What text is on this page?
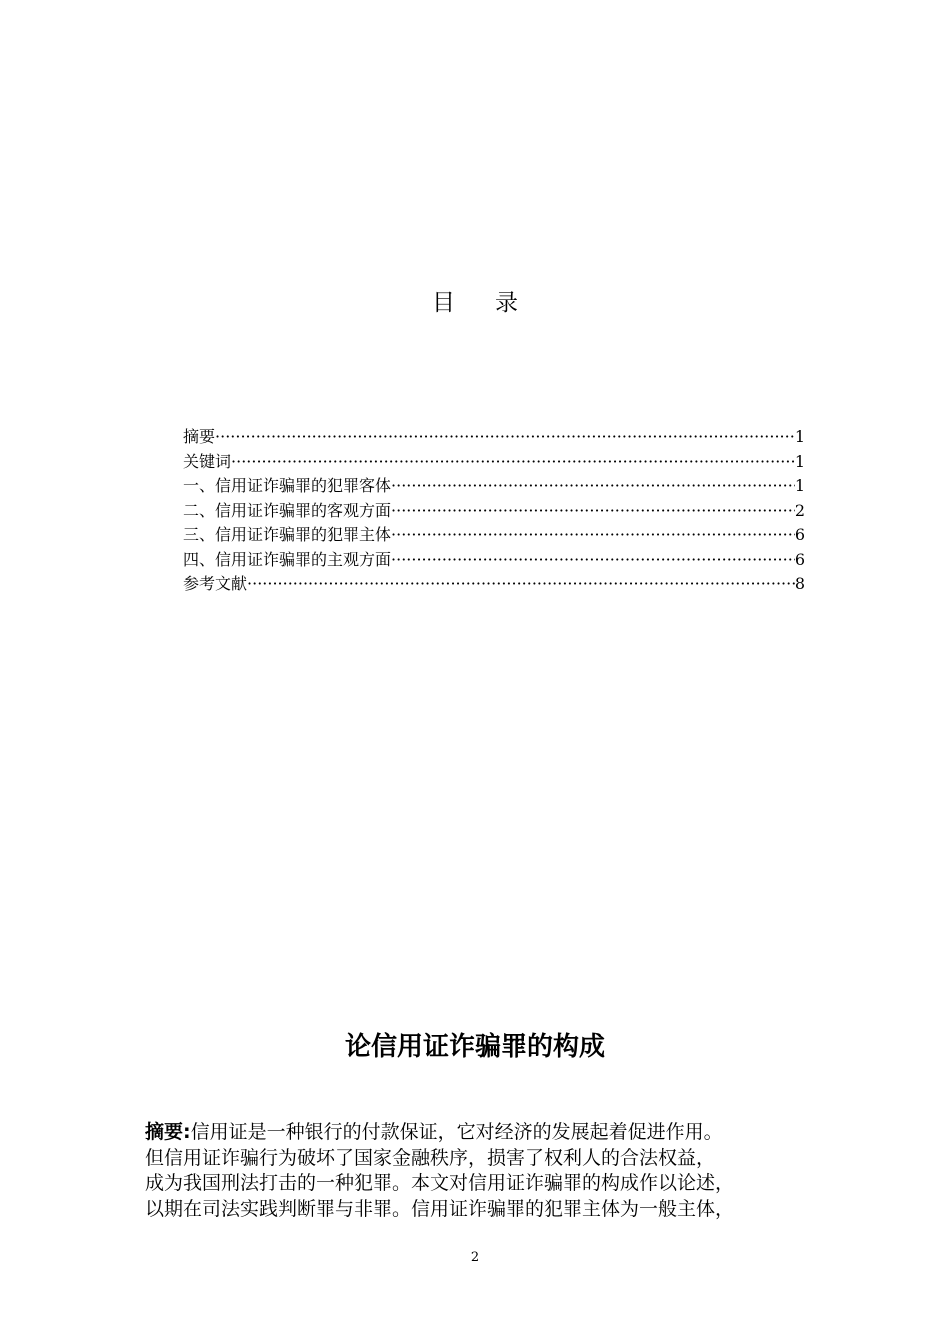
目 录
摘要 ·····	1
关键词 ·····	1
一、信用证诈骗罪的犯罪客体 ·····	1
二、信用证诈骗罪的客观方面 ·····	2
三、信用证诈骗罪的犯罪主体 ·····	6
四、信用证诈骗罪的主观方面 ·····	6
参考文献 ·····	8
论信用证诈骗罪的构成
摘要:信用证是一种银行的付款保证，它对经济的发展起着促进作用。
但信用证诈骗行为破坏了国家金融秩序，损害了权利人的合法权益，
成为我国刑法打击的一种犯罪。本文对信用证诈骗罪的构成作以论述，
以期在司法实践判断罪与非罪。信用证诈骗罪的犯罪主体为一般主体，
2
